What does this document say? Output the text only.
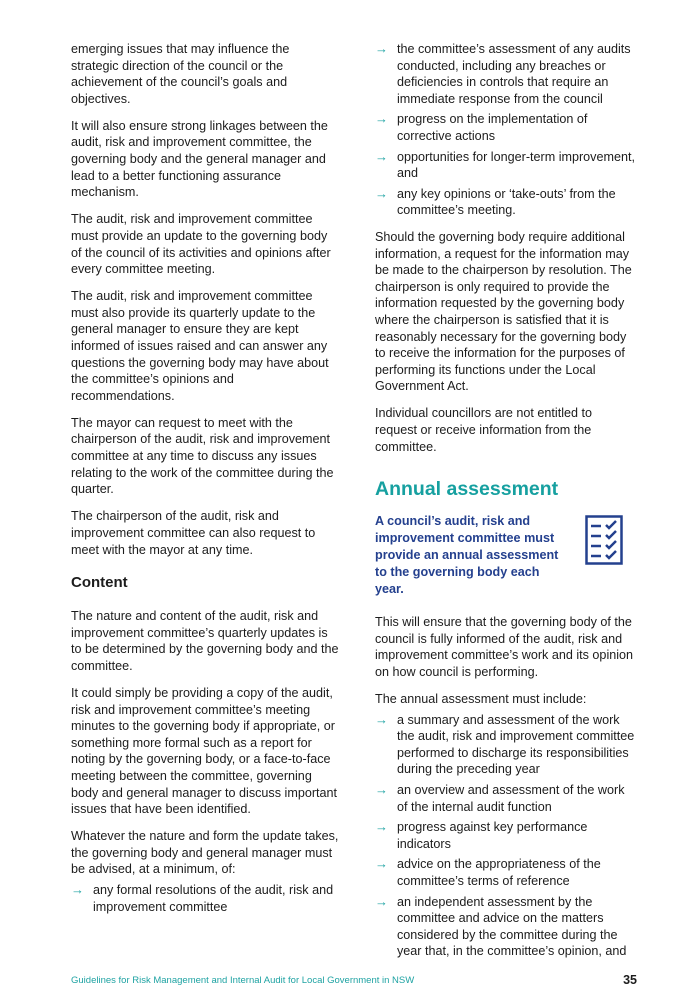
emerging issues that may influence the strategic direction of the council or the achievement of the council’s goals and objectives.

It will also ensure strong linkages between the audit, risk and improvement committee, the governing body and the general manager and lead to a better functioning assurance mechanism.

The audit, risk and improvement committee must provide an update to the governing body of the council of its activities and opinions after every committee meeting.

The audit, risk and improvement committee must also provide its quarterly update to the general manager to ensure they are kept informed of issues raised and can answer any questions the governing body may have about the committee’s opinions and recommendations.

The mayor can request to meet with the chairperson of the audit, risk and improvement committee at any time to discuss any issues relating to the work of the committee during the quarter.

The chairperson of the audit, risk and improvement committee can also request to meet with the mayor at any time.

Content

The nature and content of the audit, risk and improvement committee’s quarterly updates is to be determined by the governing body and the committee.

It could simply be providing a copy of the audit, risk and improvement committee’s meeting minutes to the governing body if appropriate, or something more formal such as a report for noting by the governing body, or a face-to-face meeting between the committee, governing body and general manager to discuss important issues that have been identified.

Whatever the nature and form the update takes, the governing body and general manager must be advised, at a minimum, of:

→ any formal resolutions of the audit, risk and improvement committee
→ the committee’s assessment of any audits conducted, including any breaches or deficiencies in controls that require an immediate response from the council
→ progress on the implementation of corrective actions
→ opportunities for longer-term improvement, and
→ any key opinions or ‘take-outs’ from the committee’s meeting.

Should the governing body require additional information, a request for the information may be made to the chairperson by resolution. The chairperson is only required to provide the information requested by the governing body where the chairperson is satisfied that it is reasonably necessary for the governing body to receive the information for the purposes of performing its functions under the Local Government Act.

Individual councillors are not entitled to request or receive information from the committee.

Annual assessment
A council’s audit, risk and improvement committee must provide an annual assessment to the governing body each year.

This will ensure that the governing body of the council is fully informed of the audit, risk and improvement committee’s work and its opinion on how council is performing.

The annual assessment must include:

→ a summary and assessment of the work the audit, risk and improvement committee performed to discharge its responsibilities during the preceding year
→ an overview and assessment of the work of the internal audit function
→ progress against key performance indicators
→ advice on the appropriateness of the committee’s terms of reference
→ an independent assessment by the committee and advice on the matters considered by the committee during the year that, in the committee’s opinion, and
Guidelines for Risk Management and Internal Audit for Local Government in NSW	35
